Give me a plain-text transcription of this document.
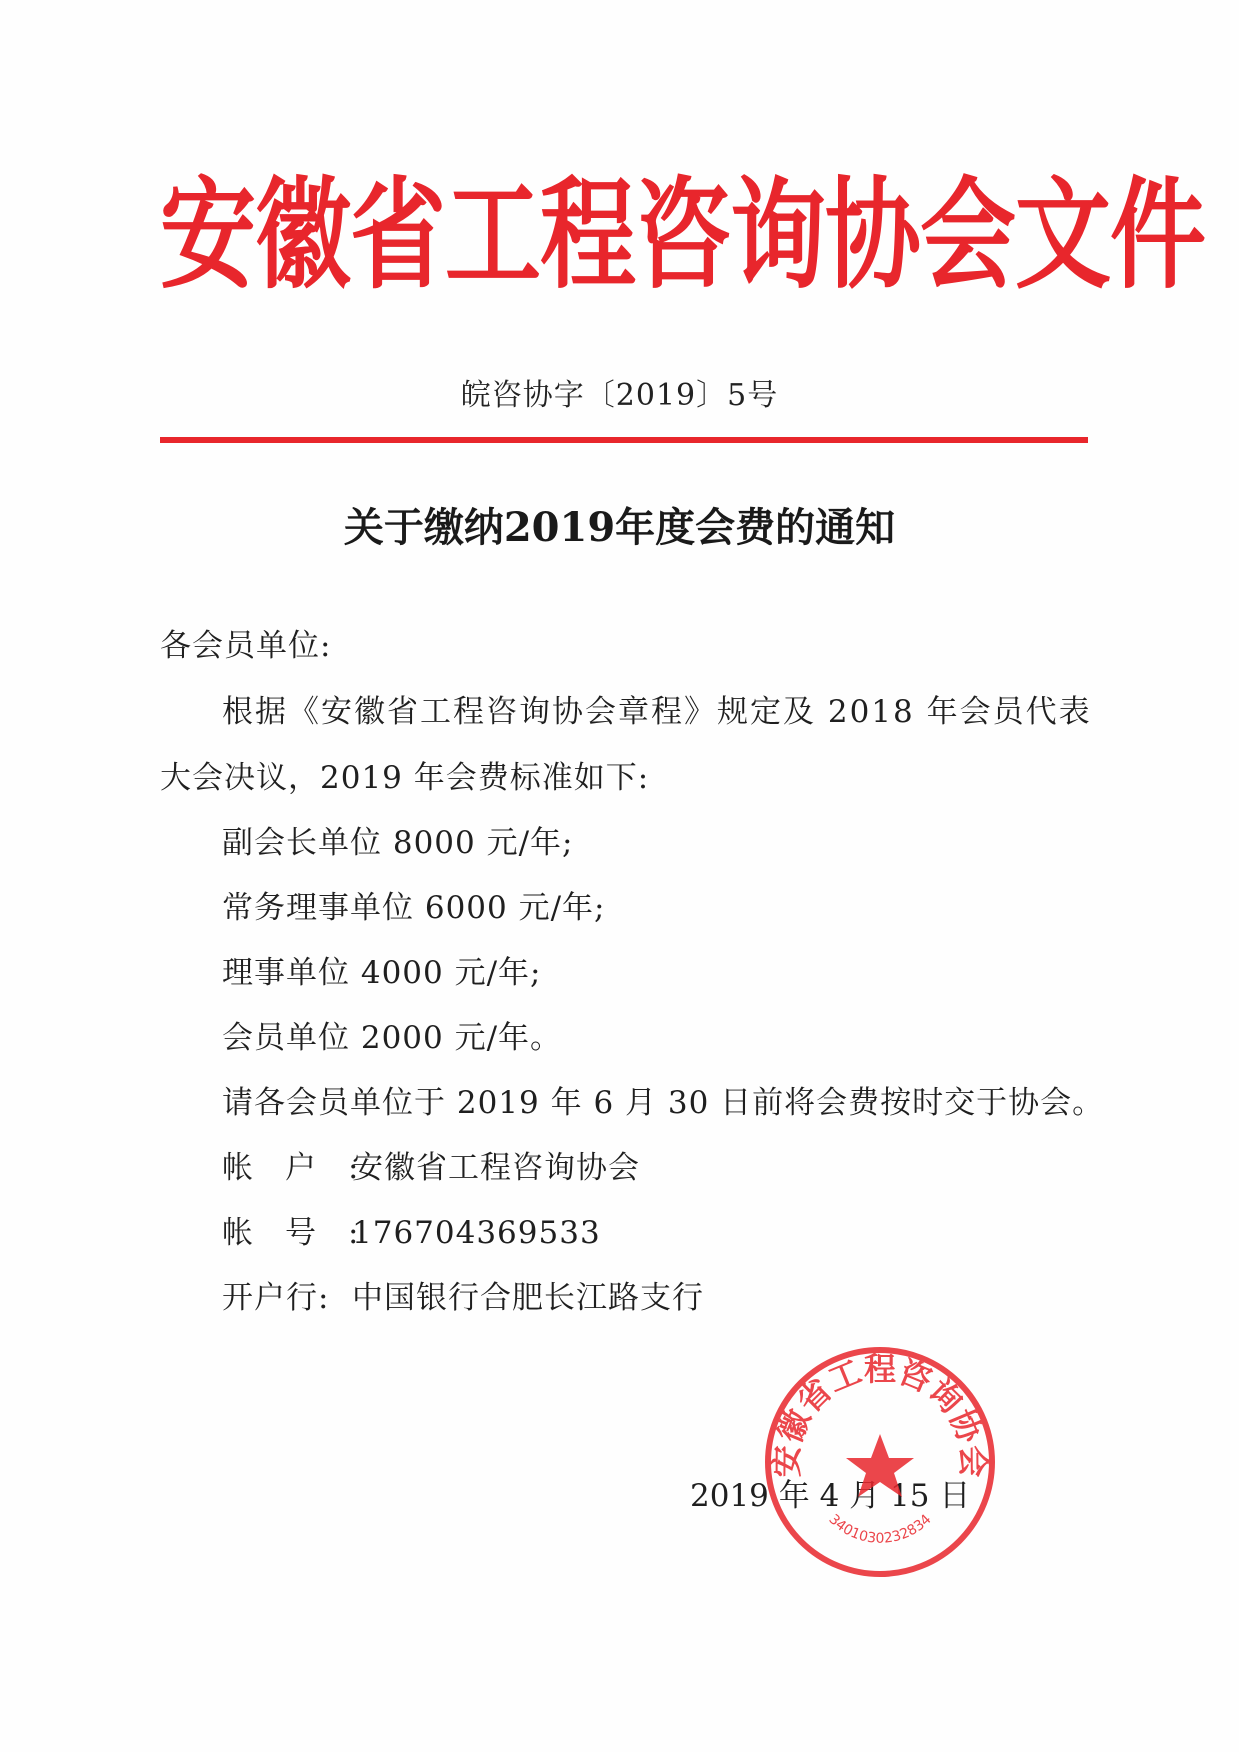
安徽省工程咨询协会文件
皖咨协字〔2019〕5号
关于缴纳2019年度会费的通知
各会员单位:
根据《安徽省工程咨询协会章程》规定及 2018 年会员代表
大会决议，2019 年会费标准如下:
副会长单位 8000 元/年;
常务理事单位 6000 元/年;
理事单位 4000 元/年;
会员单位 2000 元/年。
请各会员单位于 2019 年 6 月 30 日前将会费按时交于协会。
帐户:安徽省工程咨询协会
帐号:176704369533
开户行: 中国银行合肥长江路支行
2019 年 4 月 15 日
安徽省工程咨询协会
3401030232834
